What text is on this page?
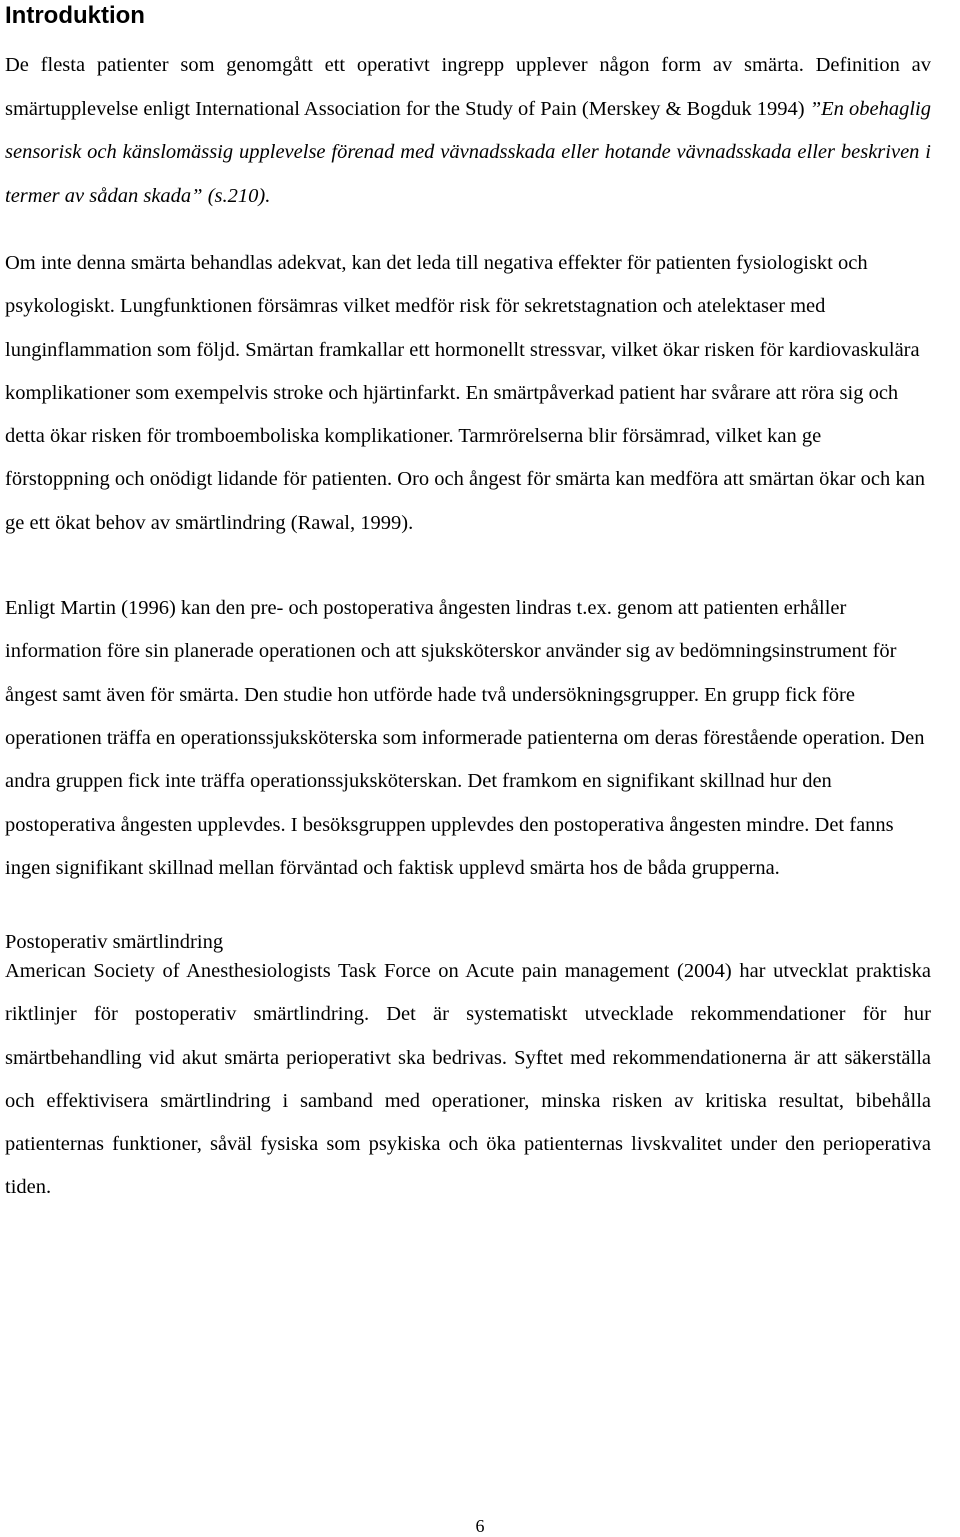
Introduktion

De flesta patienter som genomgått ett operativt ingrepp upplever någon form av smärta. Definition av smärtupplevelse enligt International Association for the Study of Pain (Merskey & Bogduk 1994) ”En obehaglig sensorisk och känslomässig upplevelse förenad med vävnadsskada eller hotande vävnadsskada eller beskriven i termer av sådan skada” (s.210).

Om inte denna smärta behandlas adekvat, kan det leda till negativa effekter för patienten fysiologiskt och psykologiskt. Lungfunktionen försämras vilket medför risk för sekretstagnation och atelektaser med lunginflammation som följd. Smärtan framkallar ett hormonellt stressvar, vilket ökar risken för kardiovaskulära komplikationer som exempelvis stroke och hjärtinfarkt. En smärtpåverkad patient har svårare att röra sig och detta ökar risken för tromboemboliska komplikationer. Tarmrörelserna blir försämrad, vilket kan ge förstoppning och onödigt lidande för patienten. Oro och ångest för smärta kan medföra att smärtan ökar och kan ge ett ökat behov av smärtlindring (Rawal, 1999).

Enligt Martin (1996) kan den pre- och postoperativa ångesten lindras t.ex. genom att patienten erhåller information före sin planerade operationen och att sjuksköterskor använder sig av bedömningsinstrument för ångest samt även för smärta. Den studie hon utförde hade två undersökningsgrupper. En grupp fick före operationen träffa en operationssjuksköterska som informerade patienterna om deras förestående operation. Den andra gruppen fick inte träffa operationssjuksköterskan. Det framkom en signifikant skillnad hur den postoperativa ångesten upplevdes. I besöksgruppen upplevdes den postoperativa ångesten mindre. Det fanns ingen signifikant skillnad mellan förväntad och faktisk upplevd smärta hos de båda grupperna.

Postoperativ smärtlindring

American Society of Anesthesiologists Task Force on Acute pain management (2004) har utvecklat praktiska riktlinjer för postoperativ smärtlindring. Det är systematiskt utvecklade rekommendationer för hur smärtbehandling vid akut smärta perioperativt ska bedrivas. Syftet med rekommendationerna är att säkerställa och effektivisera smärtlindring i samband med operationer, minska risken av kritiska resultat, bibehålla patienternas funktioner, såväl fysiska som psykiska och öka patienternas livskvalitet under den perioperativa tiden.

6
